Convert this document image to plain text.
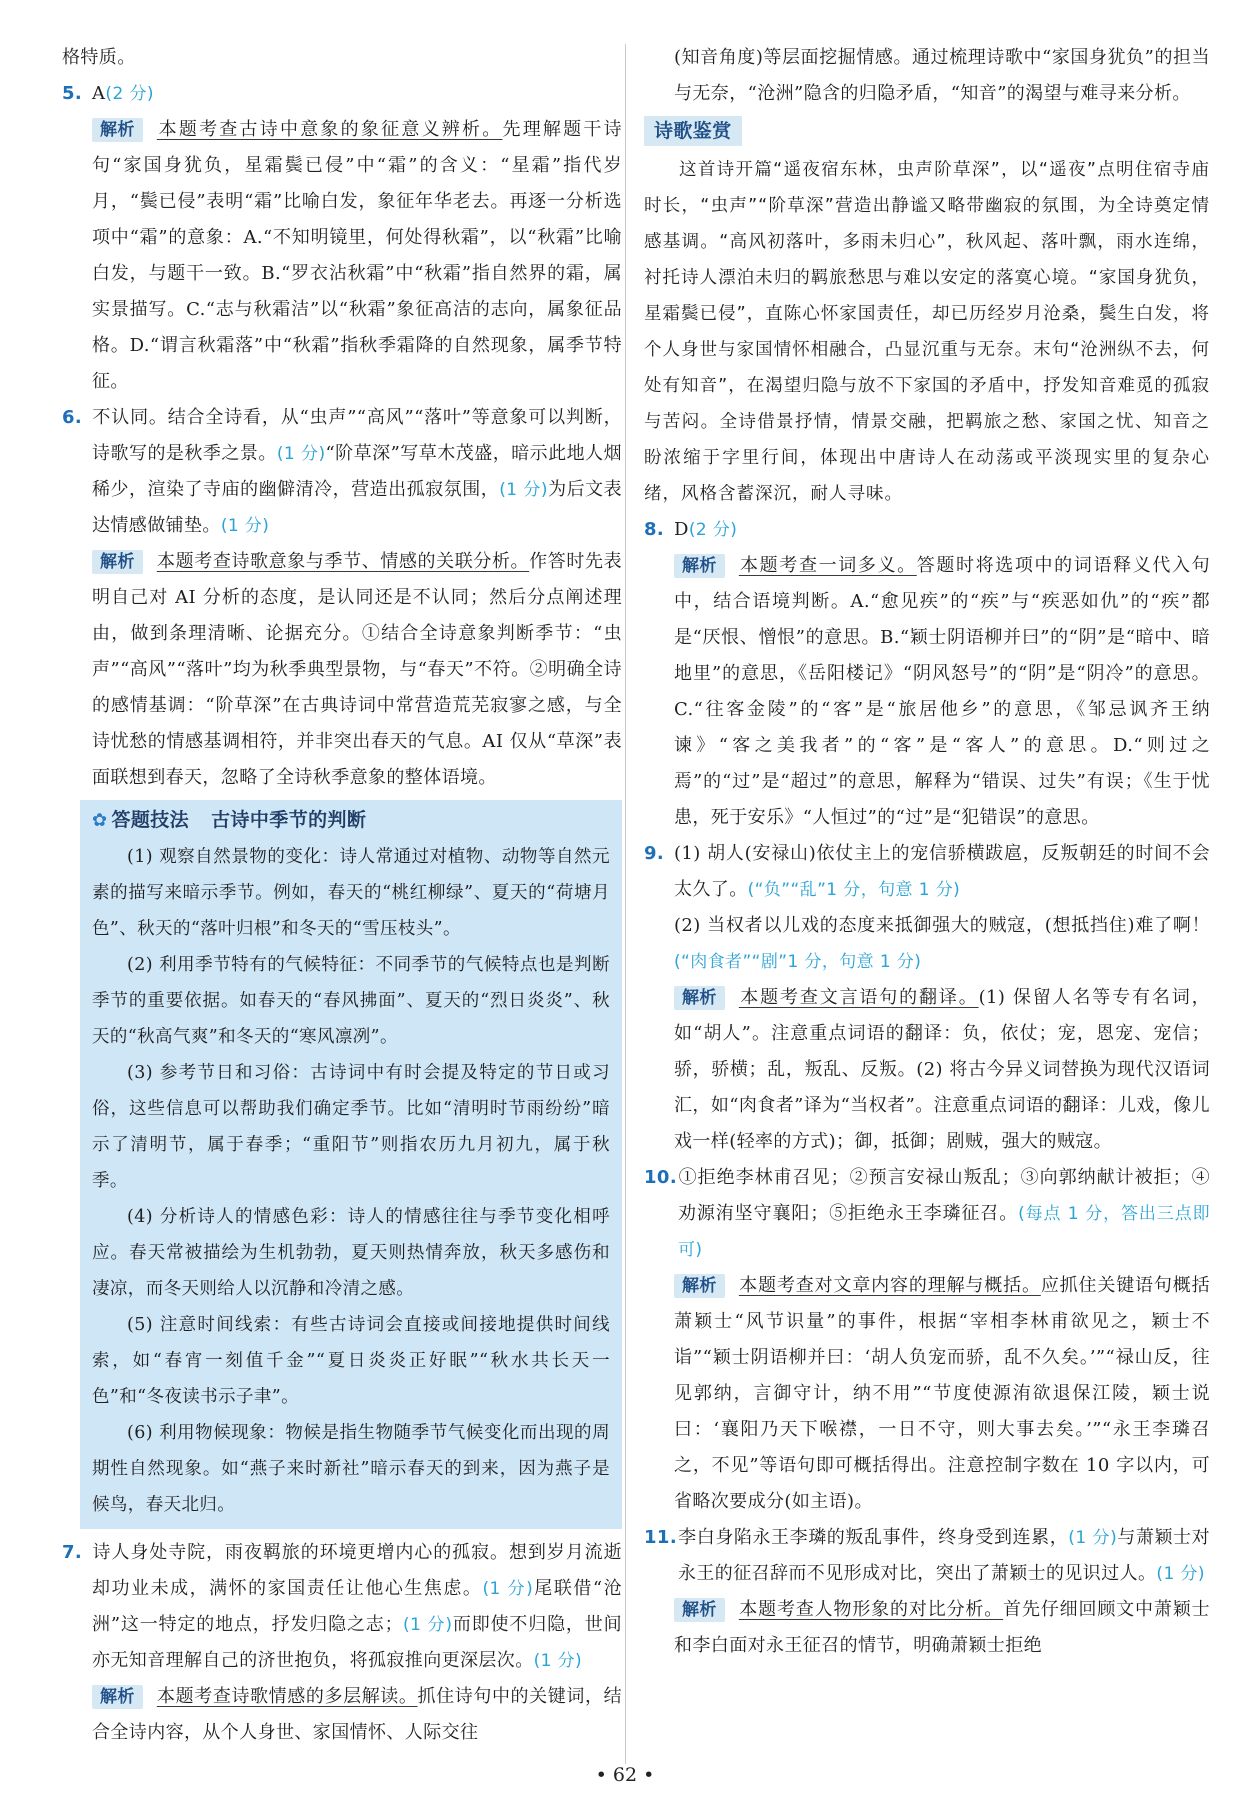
格特质。

5. A(2 分)

解析 本题考查古诗中意象的象征意义辨析。先理解题干诗句“家国身犹负，星霜鬓已侵”中“霜”的含义：“星霜”指代岁月，“鬓已侵”表明“霜”比喻白发，象征年华老去。再逐一分析选项中“霜”的意象：A.“不知明镜里，何处得秋霜”，以“秋霜”比喻白发，与题干一致。B.“罗衣沾秋霜”中“秋霜”指自然界的霜，属实景描写。C.“志与秋霜洁”以“秋霜”象征高洁的志向，属象征品格。D.“谓言秋霜落”中“秋霜”指秋季霜降的自然现象，属季节特征。

6. 不认同。结合全诗看，从“虫声”“高风”“落叶”等意象可以判断，诗歌写的是秋季之景。(1 分)“阶草深”写草木茂盛，暗示此地人烟稀少，渲染了寺庙的幽僻清冷，营造出孤寂氛围，(1 分)为后文表达情感做铺垫。(1 分)

解析 本题考查诗歌意象与季节、情感的关联分析。作答时先表明自己对 AI 分析的态度，是认同还是不认同；然后分点阐述理由，做到条理清晰、论据充分。①结合全诗意象判断季节：“虫声”“高风”“落叶”均为秋季典型景物，与“春天”不符。②明确全诗的感情基调：“阶草深”在古典诗词中常营造荒芜寂寥之感，与全诗忧愁的情感基调相符，并非突出春天的气息。AI 仅从“草深”表面联想到春天，忽略了全诗秋季意象的整体语境。

✿ 答题技法 古诗中季节的判断

(1) 观察自然景物的变化：诗人常通过对植物、动物等自然元素的描写来暗示季节。例如，春天的“桃红柳绿”、夏天的“荷塘月色”、秋天的“落叶归根”和冬天的“雪压枝头”。

(2) 利用季节特有的气候特征：不同季节的气候特点也是判断季节的重要依据。如春天的“春风拂面”、夏天的“烈日炎炎”、秋天的“秋高气爽”和冬天的“寒风凛冽”。

(3) 参考节日和习俗：古诗词中有时会提及特定的节日或习俗，这些信息可以帮助我们确定季节。比如“清明时节雨纷纷”暗示了清明节，属于春季；“重阳节”则指农历九月初九，属于秋季。

(4) 分析诗人的情感色彩：诗人的情感往往与季节变化相呼应。春天常被描绘为生机勃勃，夏天则热情奔放，秋天多感伤和凄凉，而冬天则给人以沉静和冷清之感。

(5) 注意时间线索：有些古诗词会直接或间接地提供时间线索，如“春宵一刻值千金”“夏日炎炎正好眠”“秋水共长天一色”和“冬夜读书示子聿”。

(6) 利用物候现象：物候是指生物随季节气候变化而出现的周期性自然现象。如“燕子来时新社”暗示春天的到来，因为燕子是候鸟，春天北归。

7. 诗人身处寺院，雨夜羁旅的环境更增内心的孤寂。想到岁月流逝却功业未成，满怀的家国责任让他心生焦虑。(1 分)尾联借“沧洲”这一特定的地点，抒发归隐之志；(1 分)而即使不归隐，世间亦无知音理解自己的济世抱负，将孤寂推向更深层次。(1 分)

解析 本题考查诗歌情感的多层解读。抓住诗句中的关键词，结合全诗内容，从个人身世、家国情怀、人际交往

(知音角度)等层面挖掘情感。通过梳理诗歌中“家国身犹负”的担当与无奈，“沧洲”隐含的归隐矛盾，“知音”的渴望与难寻来分析。

诗歌鉴赏

这首诗开篇“遥夜宿东林，虫声阶草深”，以“遥夜”点明住宿寺庙时长，“虫声”“阶草深”营造出静谧又略带幽寂的氛围，为全诗奠定情感基调。“高风初落叶，多雨未归心”，秋风起、落叶飘，雨水连绵，衬托诗人漂泊未归的羁旅愁思与难以安定的落寞心境。“家国身犹负，星霜鬓已侵”，直陈心怀家国责任，却已历经岁月沧桑，鬓生白发，将个人身世与家国情怀相融合，凸显沉重与无奈。末句“沧洲纵不去，何处有知音”，在渴望归隐与放不下家国的矛盾中，抒发知音难觅的孤寂与苦闷。全诗借景抒情，情景交融，把羁旅之愁、家国之忧、知音之盼浓缩于字里行间，体现出中唐诗人在动荡或平淡现实里的复杂心绪，风格含蓄深沉，耐人寻味。

8. D(2 分)

解析 本题考查一词多义。答题时将选项中的词语释义代入句中，结合语境判断。A.“愈见疾”的“疾”与“疾恶如仇”的“疾”都是“厌恨、憎恨”的意思。B.“颖士阴语柳并曰”的“阴”是“暗中、暗地里”的意思，《岳阳楼记》“阴风怒号”的“阴”是“阴冷”的意思。C.“往客金陵”的“客”是“旅居他乡”的意思，《邹忌讽齐王纳谏》“客之美我者”的“客”是“客人”的意思。D.“则过之焉”的“过”是“超过”的意思，解释为“错误、过失”有误；《生于忧患，死于安乐》“人恒过”的“过”是“犯错误”的意思。

9. (1) 胡人(安禄山)依仗主上的宠信骄横跋扈，反叛朝廷的时间不会太久了。(“负”“乱”1 分，句意 1 分)

(2) 当权者以儿戏的态度来抵御强大的贼寇，(想抵挡住)难了啊！(“肉食者”“剧”1 分，句意 1 分)

解析 本题考查文言语句的翻译。(1) 保留人名等专有名词，如“胡人”。注意重点词语的翻译：负，依仗；宠，恩宠、宠信；骄，骄横；乱，叛乱、反叛。(2) 将古今异义词替换为现代汉语词汇，如“肉食者”译为“当权者”。注意重点词语的翻译：儿戏，像儿戏一样(轻率的方式)；御，抵御；剧贼，强大的贼寇。

10.①拒绝李林甫召见；②预言安禄山叛乱；③向郭纳献计被拒；④劝源洧坚守襄阳；⑤拒绝永王李璘征召。(每点 1 分，答出三点即可)

解析 本题考查对文章内容的理解与概括。应抓住关键语句概括萧颖士“风节识量”的事件，根据“宰相李林甫欲见之，颖士不诣”“颖士阴语柳并曰：‘胡人负宠而骄，乱不久矣。’”“禄山反，往见郭纳，言御守计，纳不用”“节度使源洧欲退保江陵，颖士说曰：‘襄阳乃天下喉襟，一日不守，则大事去矣。’”“永王李璘召之，不见”等语句即可概括得出。注意控制字数在 10 字以内，可省略次要成分(如主语)。

11.李白身陷永王李璘的叛乱事件，终身受到连累，(1 分)与萧颖士对永王的征召辞而不见形成对比，突出了萧颖士的见识过人。(1 分)

解析 本题考查人物形象的对比分析。首先仔细回顾文中萧颖士和李白面对永王征召的情节，明确萧颖士拒绝

• 62 •
